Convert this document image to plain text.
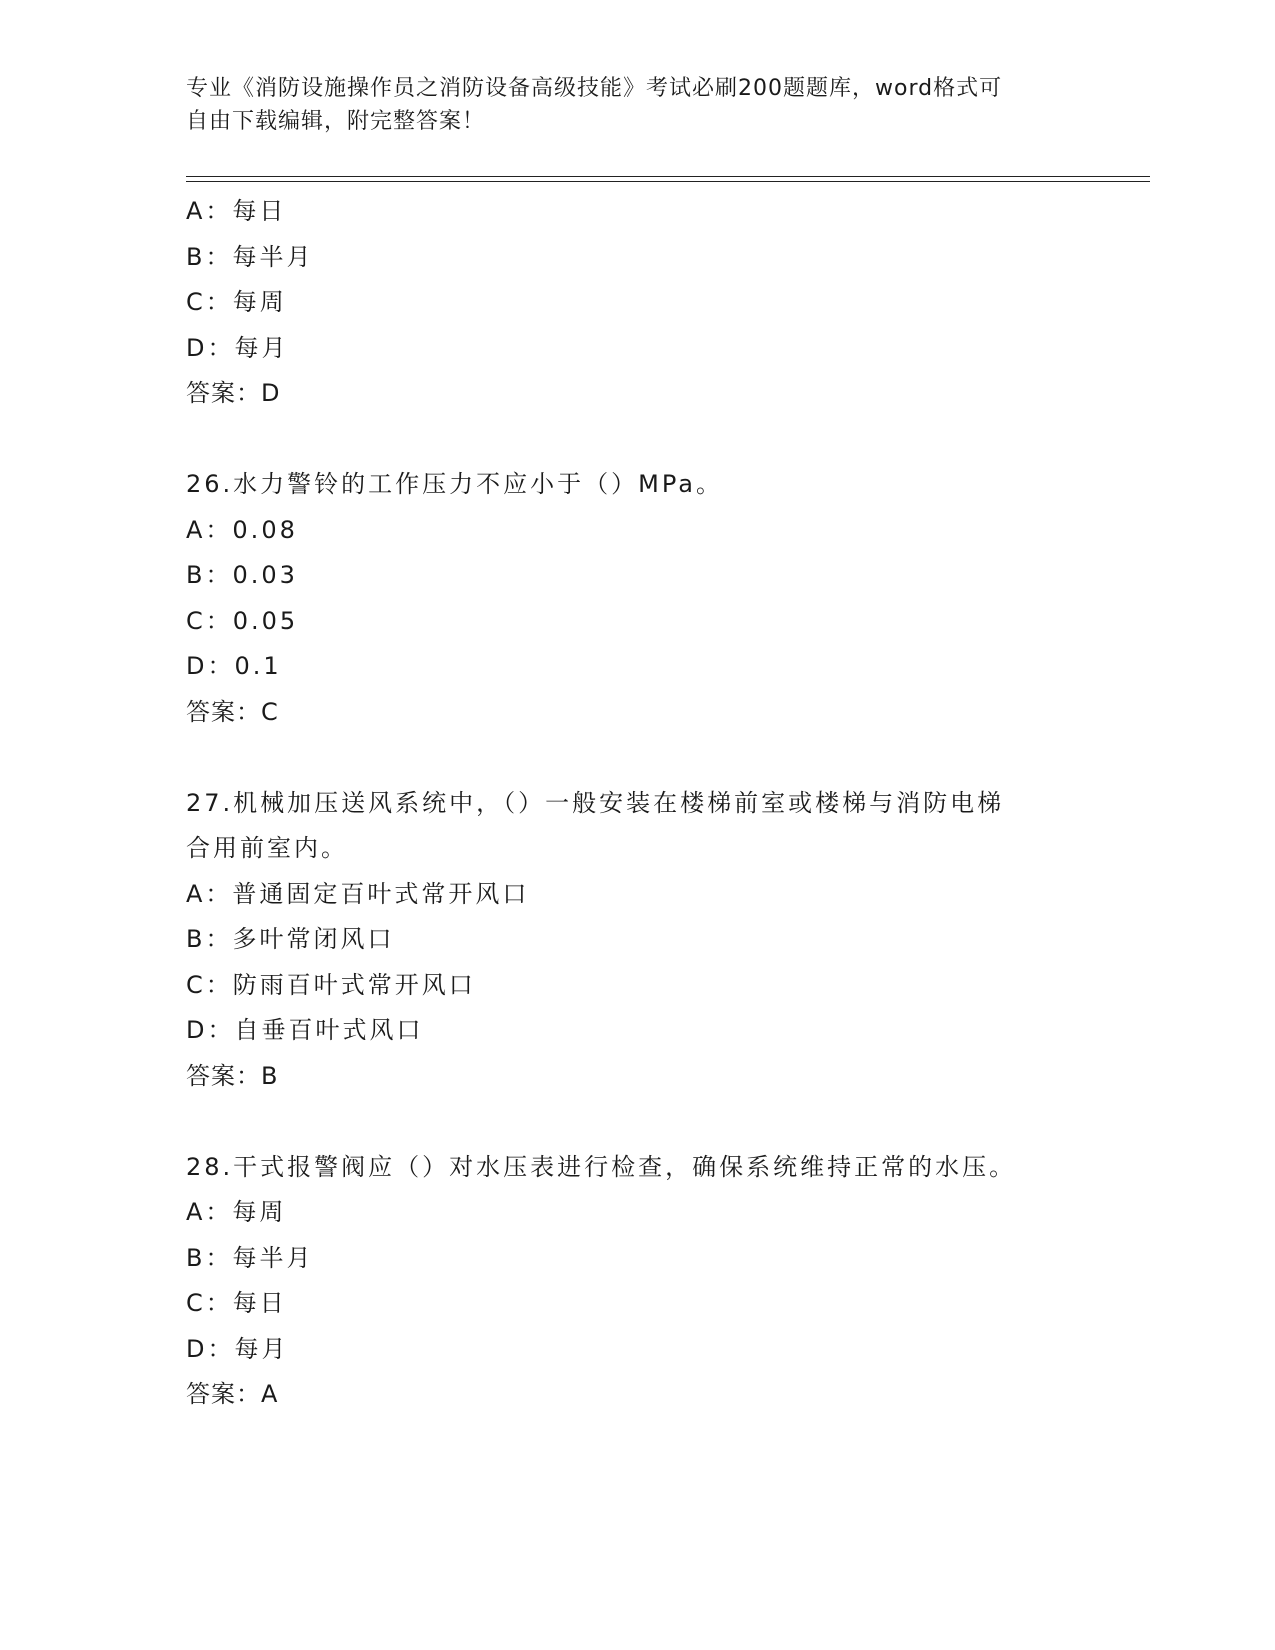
专业《消防设施操作员之消防设备高级技能》考试必刷200题题库，word格式可
自由下载编辑，附完整答案！
A：每日
B：每半月
C：每周
D：每月
答案：D
26.水力警铃的工作压力不应小于（）MPa。
A：0.08
B：0.03
C：0.05
D：0.1
答案：C
27.机械加压送风系统中，（）一般安装在楼梯前室或楼梯与消防电梯
合用前室内。
A：普通固定百叶式常开风口
B：多叶常闭风口
C：防雨百叶式常开风口
D：自垂百叶式风口
答案：B
28.干式报警阀应（）对水压表进行检查，确保系统维持正常的水压。
A：每周
B：每半月
C：每日
D：每月
答案：A
